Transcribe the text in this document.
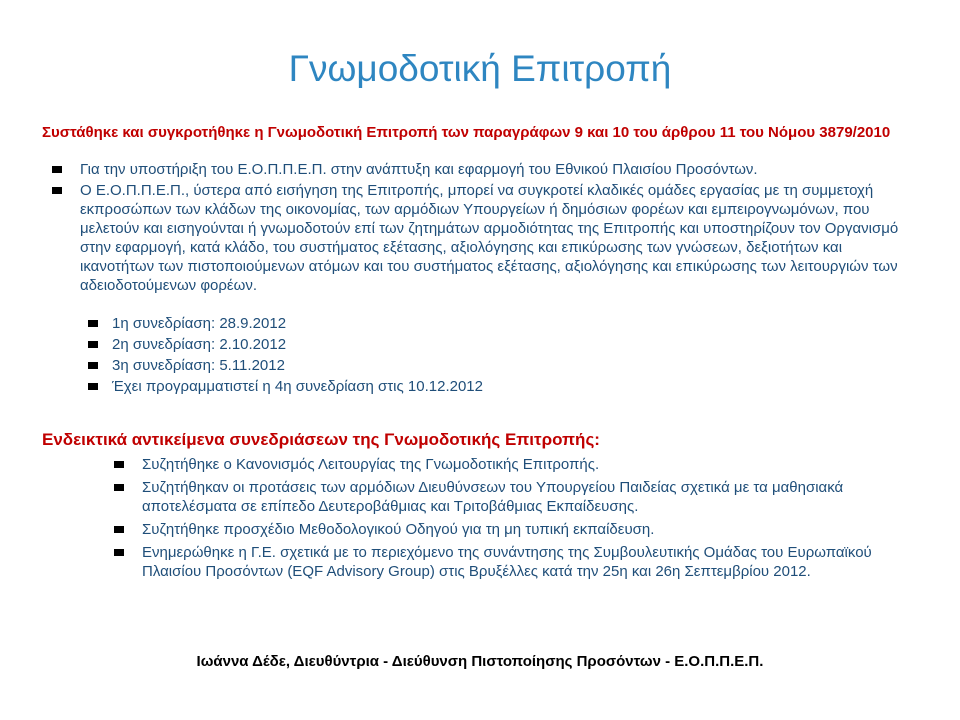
Γνωμοδοτική Επιτροπή
Συστάθηκε και συγκροτήθηκε η Γνωμοδοτική Επιτροπή των παραγράφων 9 και 10 του άρθρου 11 του Νόμου 3879/2010
Για την υποστήριξη του Ε.Ο.Π.Π.Ε.Π. στην ανάπτυξη και εφαρμογή του Εθνικού Πλαισίου Προσόντων.
Ο Ε.Ο.Π.Π.Ε.Π., ύστερα από εισήγηση της Επιτροπής, μπορεί να συγκροτεί κλαδικές ομάδες εργασίας με τη συμμετοχή εκπροσώπων των κλάδων της οικονομίας, των αρμόδιων Υπουργείων ή δημόσιων φορέων και εμπειρογνωμόνων, που μελετούν και εισηγούνται ή γνωμοδοτούν επί των ζητημάτων αρμοδιότητας της Επιτροπής και υποστηρίζουν τον Οργανισμό στην εφαρμογή, κατά κλάδο, του συστήματος εξέτασης, αξιολόγησης και επικύρωσης των γνώσεων, δεξιοτήτων και ικανοτήτων των πιστοποιούμενων ατόμων και του συστήματος εξέτασης, αξιολόγησης και επικύρωσης των λειτουργιών των αδειοδοτούμενων φορέων.
1η συνεδρίαση: 28.9.2012
2η συνεδρίαση: 2.10.2012
3η συνεδρίαση: 5.11.2012
Έχει προγραμματιστεί η 4η συνεδρίαση στις 10.12.2012
Ενδεικτικά αντικείμενα συνεδριάσεων της Γνωμοδοτικής Επιτροπής:
Συζητήθηκε ο Κανονισμός Λειτουργίας της Γνωμοδοτικής Επιτροπής.
Συζητήθηκαν οι προτάσεις των αρμόδιων Διευθύνσεων του Υπουργείου Παιδείας σχετικά με τα μαθησιακά αποτελέσματα σε επίπεδο Δευτεροβάθμιας και Τριτοβάθμιας Εκπαίδευσης.
Συζητήθηκε προσχέδιο Μεθοδολογικού Οδηγού για τη μη τυπική εκπαίδευση.
Ενημερώθηκε η Γ.Ε. σχετικά με το περιεχόμενο της συνάντησης της Συμβουλευτικής Ομάδας του Ευρωπαϊκού Πλαισίου Προσόντων (EQF Advisory Group) στις Βρυξέλλες κατά την 25η και 26η Σεπτεμβρίου 2012.
Ιωάννα Δέδε, Διευθύντρια - Διεύθυνση Πιστοποίησης Προσόντων - Ε.Ο.Π.Π.Ε.Π.
